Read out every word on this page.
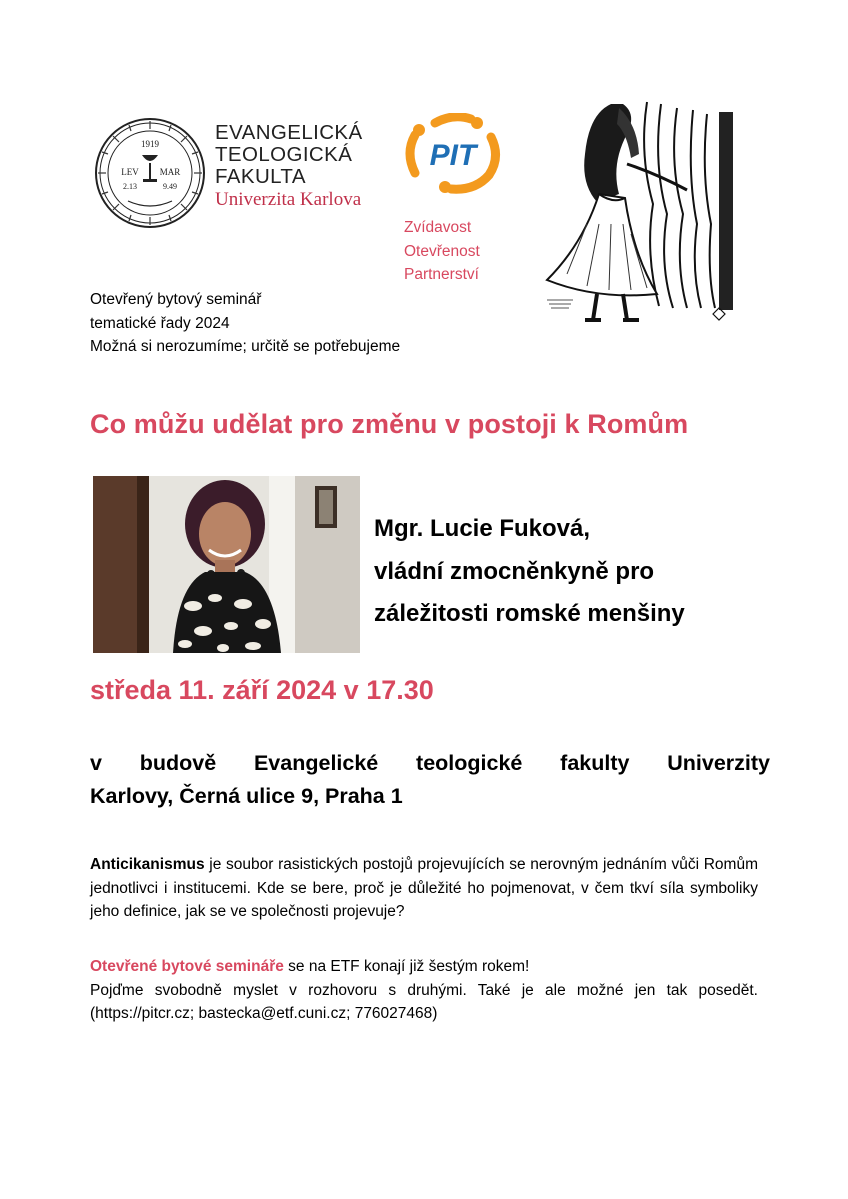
1919
LEV MAR
2.13	9.49
EVANGELICKÁ
TEOLOGICKÁ
FAKULTA
Univerzita Karlova
PIT
Zvídavost
Otevřenost
Partnerství
Otevřený bytový seminář
tematické řady 2024
Možná si nerozumíme; určitě se potřebujeme
Co můžu udělat pro změnu v postoji k Romům
Mgr. Lucie Fuková,
vládní zmocněnkyně pro
záležitosti romské menšiny
středa 11. září 2024 v 17.30
v budově Evangelické teologické fakulty Univerzity
Karlovy, Černá ulice 9, Praha 1
Anticikanismus je soubor rasistických postojů projevujících se nerovným jednáním vůči Romům jednotlivci i institucemi. Kde se bere, proč je důležité ho pojmenovat, v čem tkví síla symboliky jeho definice, jak se ve společnosti projevuje?
Otevřené bytové semináře se na ETF konají již šestým rokem!
Pojďme svobodně myslet v rozhovoru s druhými. Také je ale možné jen tak posedět. (https://pitcr.cz; bastecka@etf.cuni.cz; 776027468)
